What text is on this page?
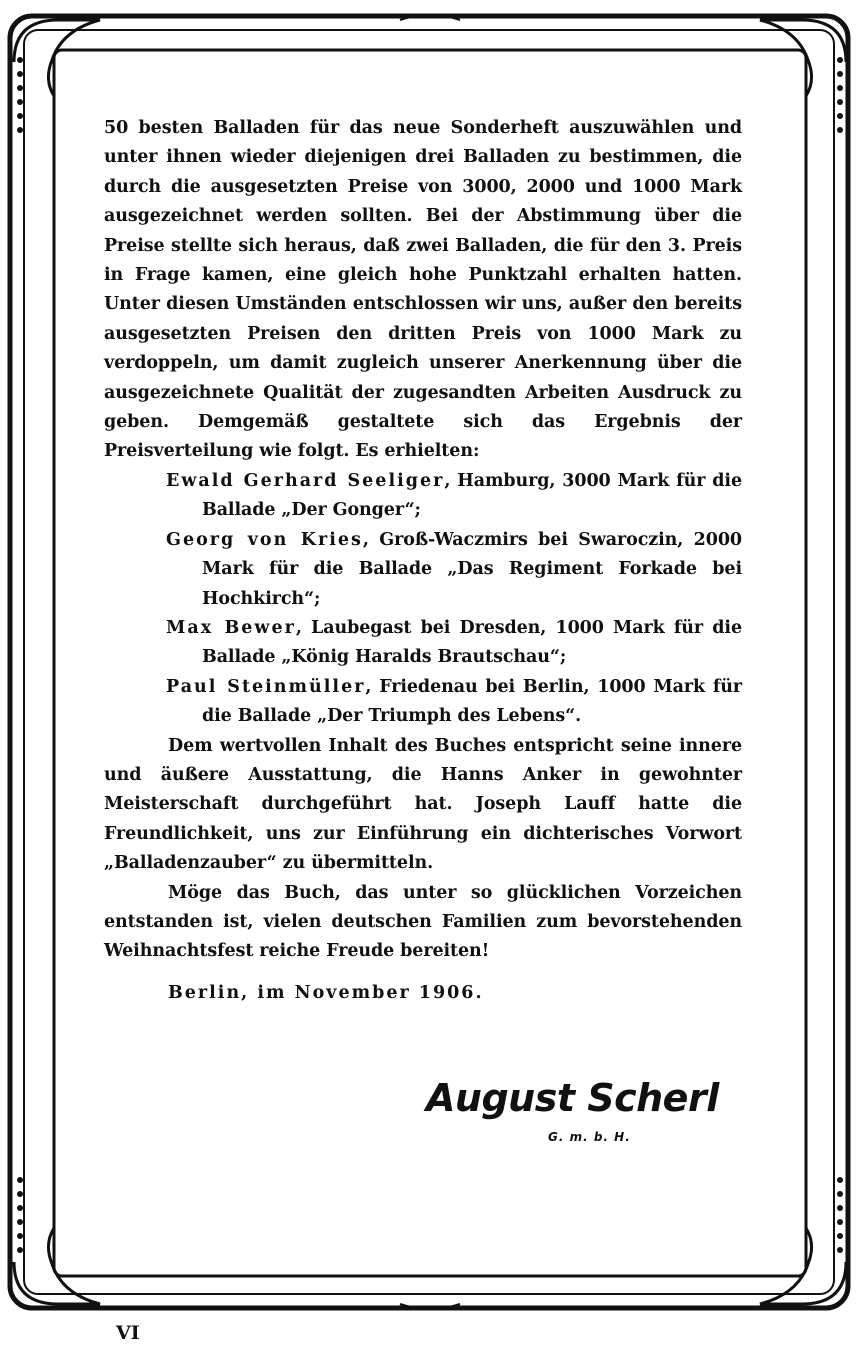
50 besten Balladen für das neue Sonderheft auszuwählen und unter ihnen wieder diejenigen drei Balladen zu bestimmen, die durch die ausgesetzten Preise von 3000, 2000 und 1000 Mark ausgezeichnet werden sollten. Bei der Abstimmung über die Preise stellte sich heraus, daß zwei Balladen, die für den 3. Preis in Frage kamen, eine gleich hohe Punktzahl erhalten hatten. Unter diesen Umständen entschlossen wir uns, außer den bereits ausgesetzten Preisen den dritten Preis von 1000 Mark zu verdoppeln, um damit zugleich unserer Anerkennung über die ausgezeichnete Qualität der zugesandten Arbeiten Ausdruck zu geben. Demgemäß gestaltete sich das Ergebnis der Preisverteilung wie folgt. Es erhielten:

Ewald Gerhard Seeliger, Hamburg, 3000 Mark für die Ballade „Der Gonger“;

Georg von Kries, Groß-Waczmirs bei Swaroczin, 2000 Mark für die Ballade „Das Regiment Forkade bei Hochkirch“;

Max Bewer, Laubegast bei Dresden, 1000 Mark für die Ballade „König Haralds Brautschau“;

Paul Steinmüller, Friedenau bei Berlin, 1000 Mark für die Ballade „Der Triumph des Lebens“.

Dem wertvollen Inhalt des Buches entspricht seine innere und äußere Ausstattung, die Hanns Anker in gewohnter Meisterschaft durchgeführt hat. Joseph Lauff hatte die Freundlichkeit, uns zur Einführung ein dichterisches Vorwort „Balladenzauber“ zu übermitteln.

Möge das Buch, das unter so glücklichen Vorzeichen entstanden ist, vielen deutschen Familien zum bevorstehenden Weihnachtsfest reiche Freude bereiten!

Berlin, im November 1906.

August Scherl
G. m. b. H.
VI
